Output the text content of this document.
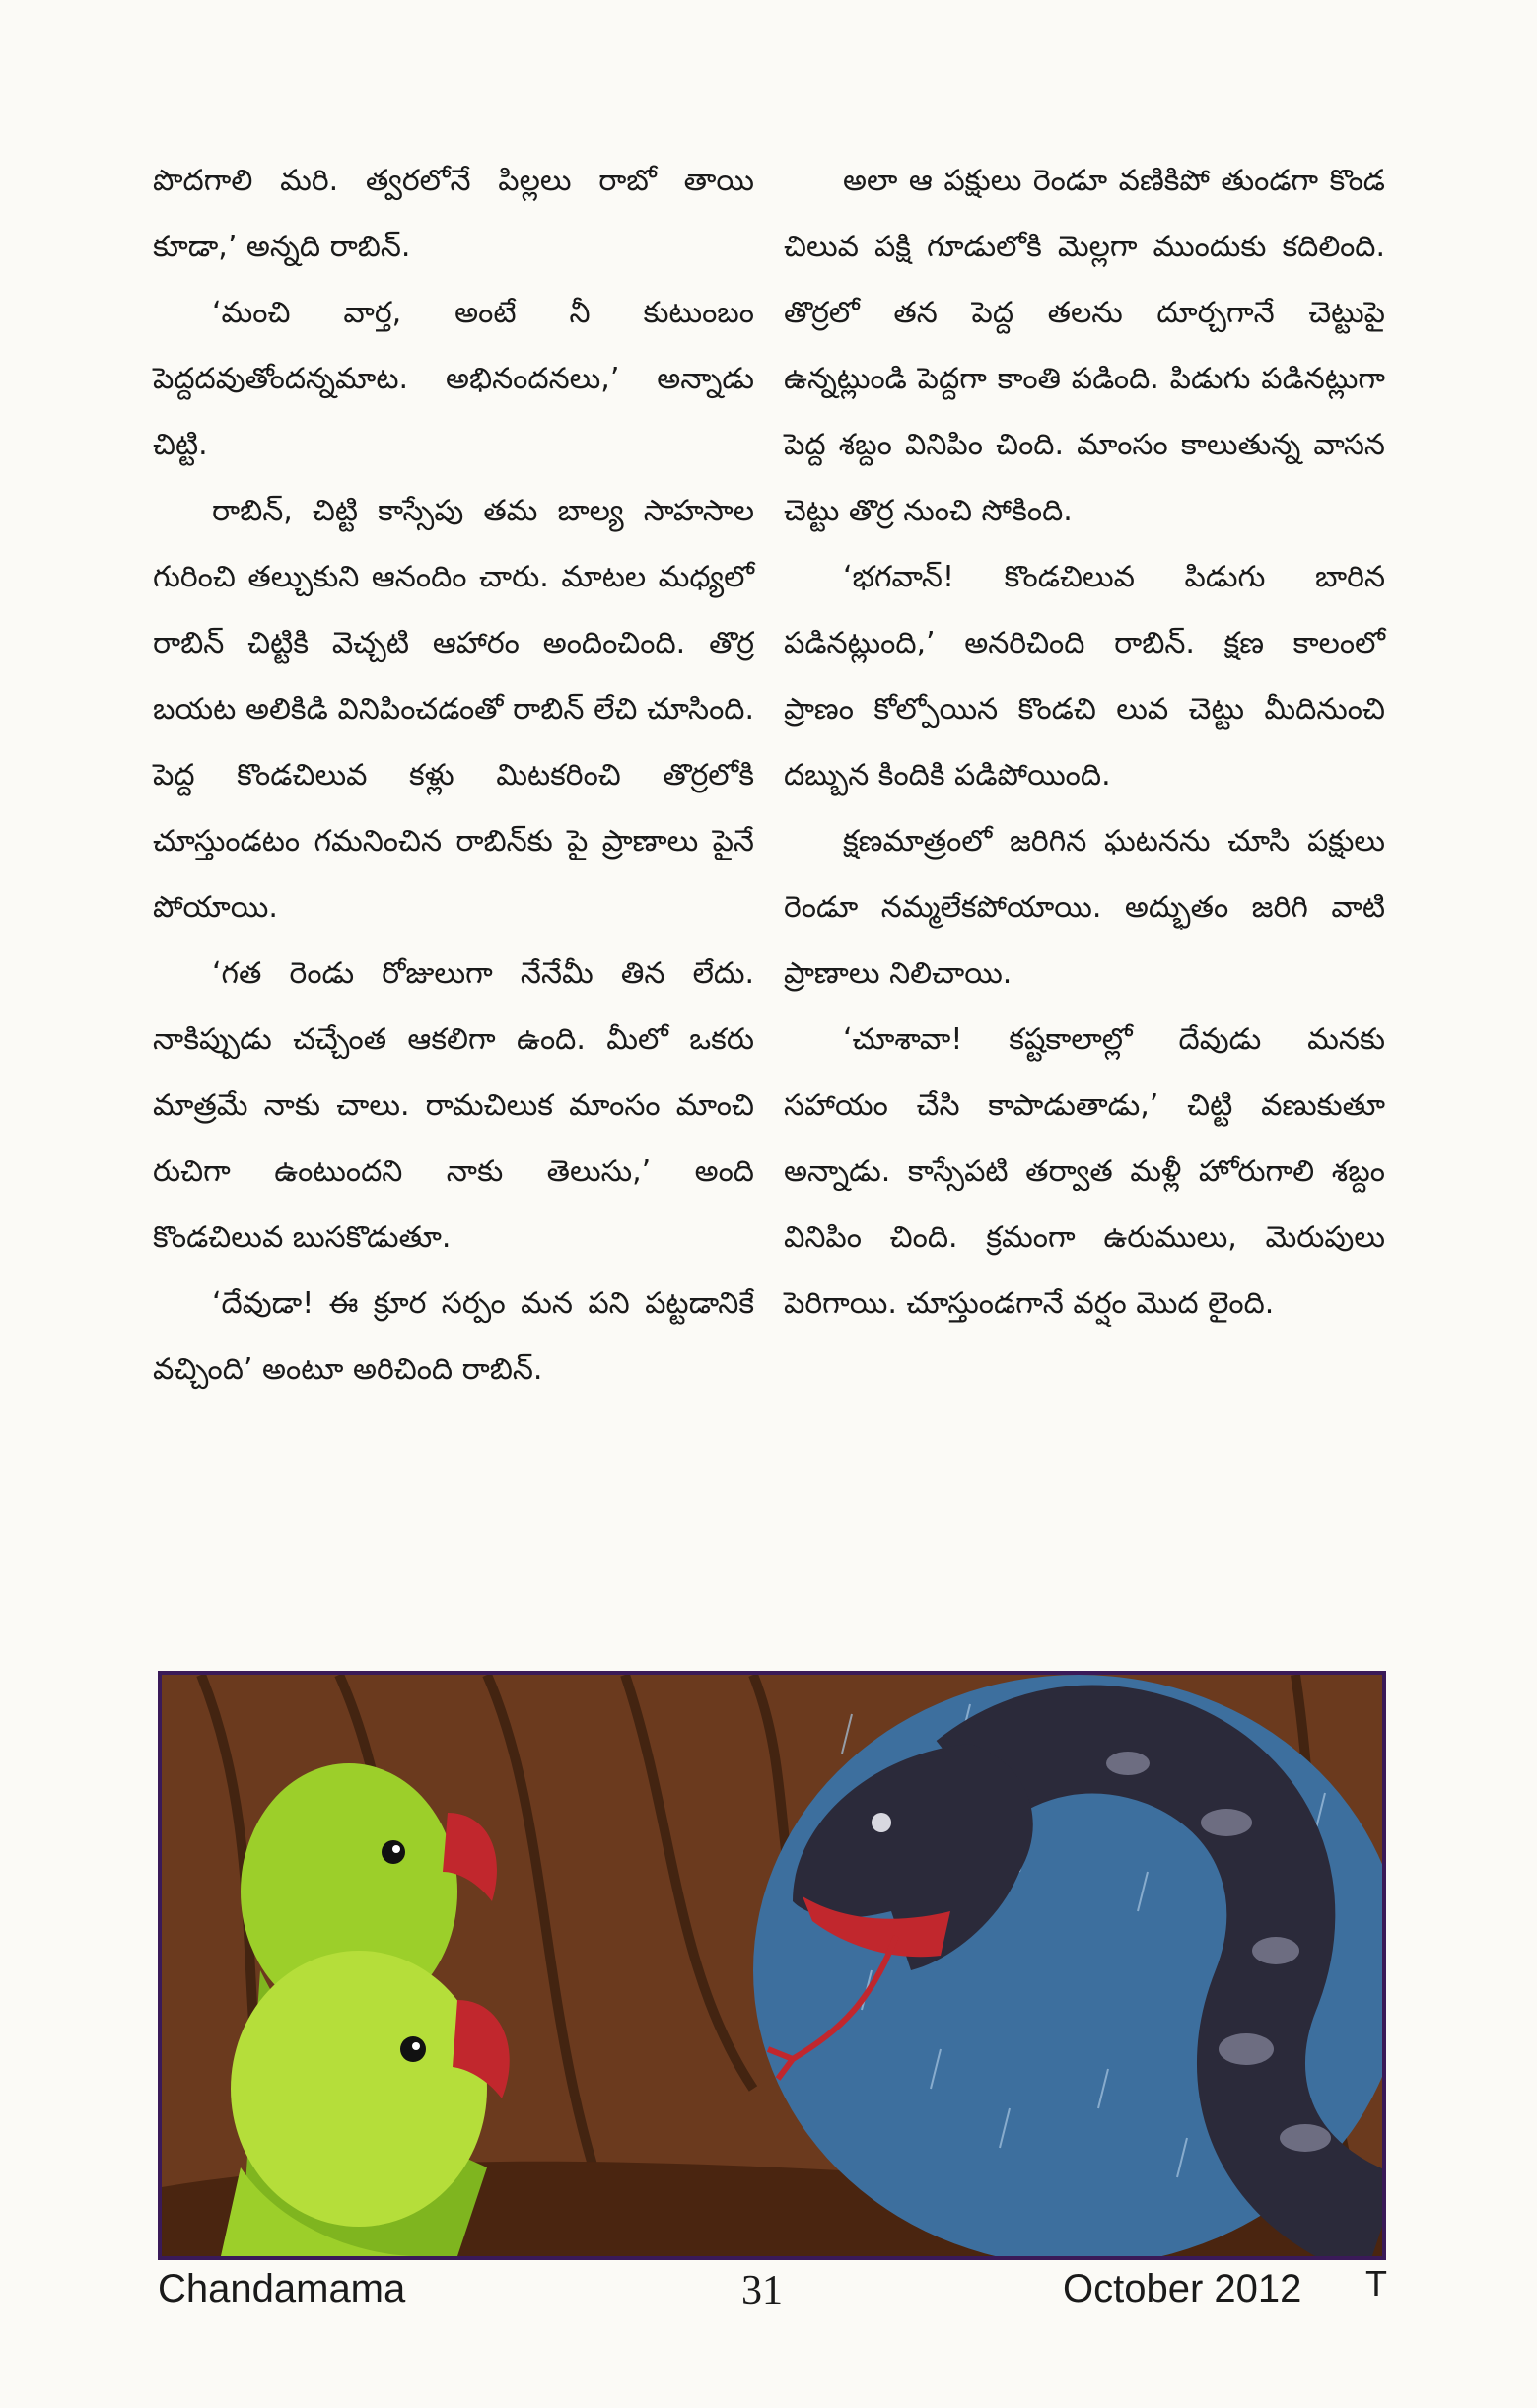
పొదగాలి మరి. త్వరలోనే పిల్లలు రాబో తాయి కూడా,’ అన్నది రాబిన్.

‘మంచి వార్త, అంటే నీ కుటుంబం పెద్దదవుతోందన్నమాట. అభినందనలు,’ అన్నాడు చిట్టి.

రాబిన్, చిట్టి కాస్సేపు తమ బాల్య సాహసాల గురించి తల్చుకుని ఆనందిం చారు. మాటల మధ్యలో రాబిన్ చిట్టికి వెచ్చటి ఆహారం అందించింది. తొర్ర బయట అలికిడి వినిపించడంతో రాబిన్ లేచి చూసింది. పెద్ద కొండచిలువ కళ్లు మిటకరించి తొర్రలోకి చూస్తుండటం గమనించిన రాబిన్‌కు పై ప్రాణాలు పైనే పోయాయి.

‘గత రెండు రోజులుగా నేనేమీ తిన లేదు. నాకిప్పుడు చచ్చేంత ఆకలిగా ఉంది. మీలో ఒకరు మాత్రమే నాకు చాలు. రామచిలుక మాంసం మాంచి రుచిగా ఉంటుందని నాకు తెలుసు,’ అంది కొండచిలువ బుసకొడుతూ.

‘దేవుడా! ఈ క్రూర సర్పం మన పని పట్టడానికే వచ్చింది’ అంటూ అరిచింది రాబిన్.

అలా ఆ పక్షులు రెండూ వణికిపో తుండగా కొండ చిలువ పక్షి గూడులోకి మెల్లగా ముందుకు కదిలింది. తొర్రలో తన పెద్ద తలను దూర్చగానే చెట్టుపై ఉన్నట్లుండి పెద్దగా కాంతి పడింది. పిడుగు పడినట్లుగా పెద్ద శబ్దం వినిపిం చింది. మాంసం కాలుతున్న వాసన చెట్టు తొర్ర నుంచి సోకింది.

‘భగవాన్! కొండచిలువ పిడుగు బారిన పడినట్లుంది,’ అనరిచింది రాబిన్. క్షణ కాలంలో ప్రాణం కోల్పోయిన కొండచి లువ చెట్టు మీదినుంచి దబ్బున కిందికి పడిపోయింది.

క్షణమాత్రంలో జరిగిన ఘటనను చూసి పక్షులు రెండూ నమ్మలేకపోయాయి. అద్భుతం జరిగి వాటి ప్రాణాలు నిలిచాయి.

‘చూశావా! కష్టకాలాల్లో దేవుడు మనకు సహాయం చేసి కాపాడుతాడు,’ చిట్టి వణుకుతూ అన్నాడు. కాస్సేపటి తర్వాత మళ్లీ హోరుగాలి శబ్దం వినిపిం చింది. క్రమంగా ఉరుములు, మెరుపులు పెరిగాయి. చూస్తుండగానే వర్షం మొద లైంది.

Chandamama	31	October 2012 T
